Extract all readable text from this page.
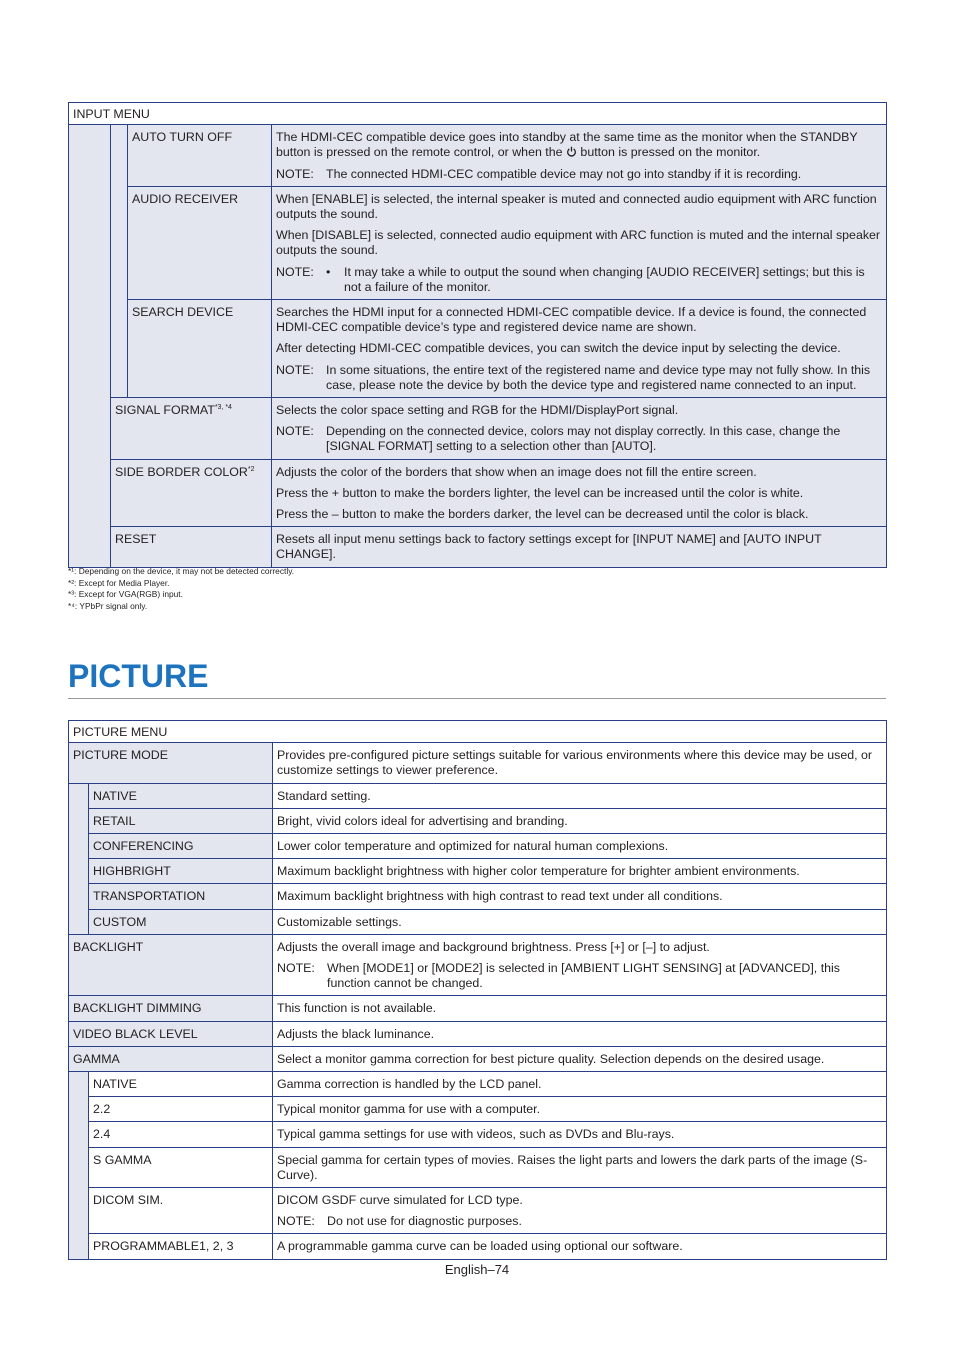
INPUT MENU			
		AUTO TURN OFF	The HDMI-CEC compatible device goes into standby at the same time as the monitor when the STANDBY button is pressed on the remote control, or when the  button is pressed on the monitor.
NOTE: The connected HDMI-CEC compatible device may not go into standby if it is recording.

		AUDIO RECEIVER	When [ENABLE] is selected, the internal speaker is muted and connected audio equipment with ARC function outputs the sound.
When [DISABLE] is selected, connected audio equipment with ARC function is muted and the internal speaker outputs the sound.
NOTE: • It may take a while to output the sound when changing [AUDIO RECEIVER] settings; but this is not a failure of the monitor.

		SEARCH DEVICE	Searches the HDMI input for a connected HDMI-CEC compatible device. If a device is found, the connected HDMI-CEC compatible device’s type and registered device name are shown.
After detecting HDMI-CEC compatible devices, you can switch the device input by selecting the device.
NOTE: In some situations, the entire text of the registered name and device type may not fully show. In this case, please note the device by both the device type and registered name connected to an input.

	SIGNAL $FORMAT^{*3, *4}$		Selects the color space setting and RGB for the HDMI/DisplayPort signal.
NOTE: Depending on the connected device, colors may not display correctly. In this case, change the [SIGNAL FORMAT] setting to a selection other than [AUTO].

	SIDE BORDER COLOR$^{*2}$		Adjusts the color of the borders that show when an image does not fill the entire screen.
Press the + button to make the borders lighter, the level can be increased until the color is white.
Press the – button to make the borders darker, the level can be decreased until the color is black.

	RESET		Resets all input menu settings back to factory settings except for [INPUT NAME] and [AUTO INPUT CHANGE].
*¹: Depending on the device, it may not be detected correctly.
*²: Except for Media Player.
*³: Except for VGA(RGB) input.
*⁴: YPbPr signal only.
PICTURE
PICTURE MENU		
PICTURE MODE		Provides pre-configured picture settings suitable for various environments where this device may be used, or customize settings to viewer preference.
	NATIVE	Standard setting.
	RETAIL	Bright, vivid colors ideal for advertising and branding.
	CONFERENCING	Lower color temperature and optimized for natural human complexions.
	HIGHBRIGHT	Maximum backlight brightness with higher color temperature for brighter ambient environments.
	TRANSPORTATION	Maximum backlight brightness with high contrast to read text under all conditions.
	CUSTOM	Customizable settings.
BACKLIGHT		Adjusts the overall image and background brightness. Press [+] or [–] to adjust.
NOTE: When [MODE1] or [MODE2] is selected in [AMBIENT LIGHT SENSING] at [ADVANCED], this function cannot be changed.

BACKLIGHT DIMMING		This function is not available.
VIDEO BLACK LEVEL		Adjusts the black luminance.
GAMMA		Select a monitor gamma correction for best picture quality. Selection depends on the desired usage.
	NATIVE	Gamma correction is handled by the LCD panel.
	2.2	Typical monitor gamma for use with a computer.
	2.4	Typical gamma settings for use with videos, such as DVDs and Blu-rays.
	S GAMMA	Special gamma for certain types of movies. Raises the light parts and lowers the dark parts of the image (S-Curve).
	DICOM SIM.	DICOM GSDF curve simulated for LCD type.
NOTE: Do not use for diagnostic purposes.

	PROGRAMMABLE1, 2, 3	A programmable gamma curve can be loaded using optional our software.
English–74
